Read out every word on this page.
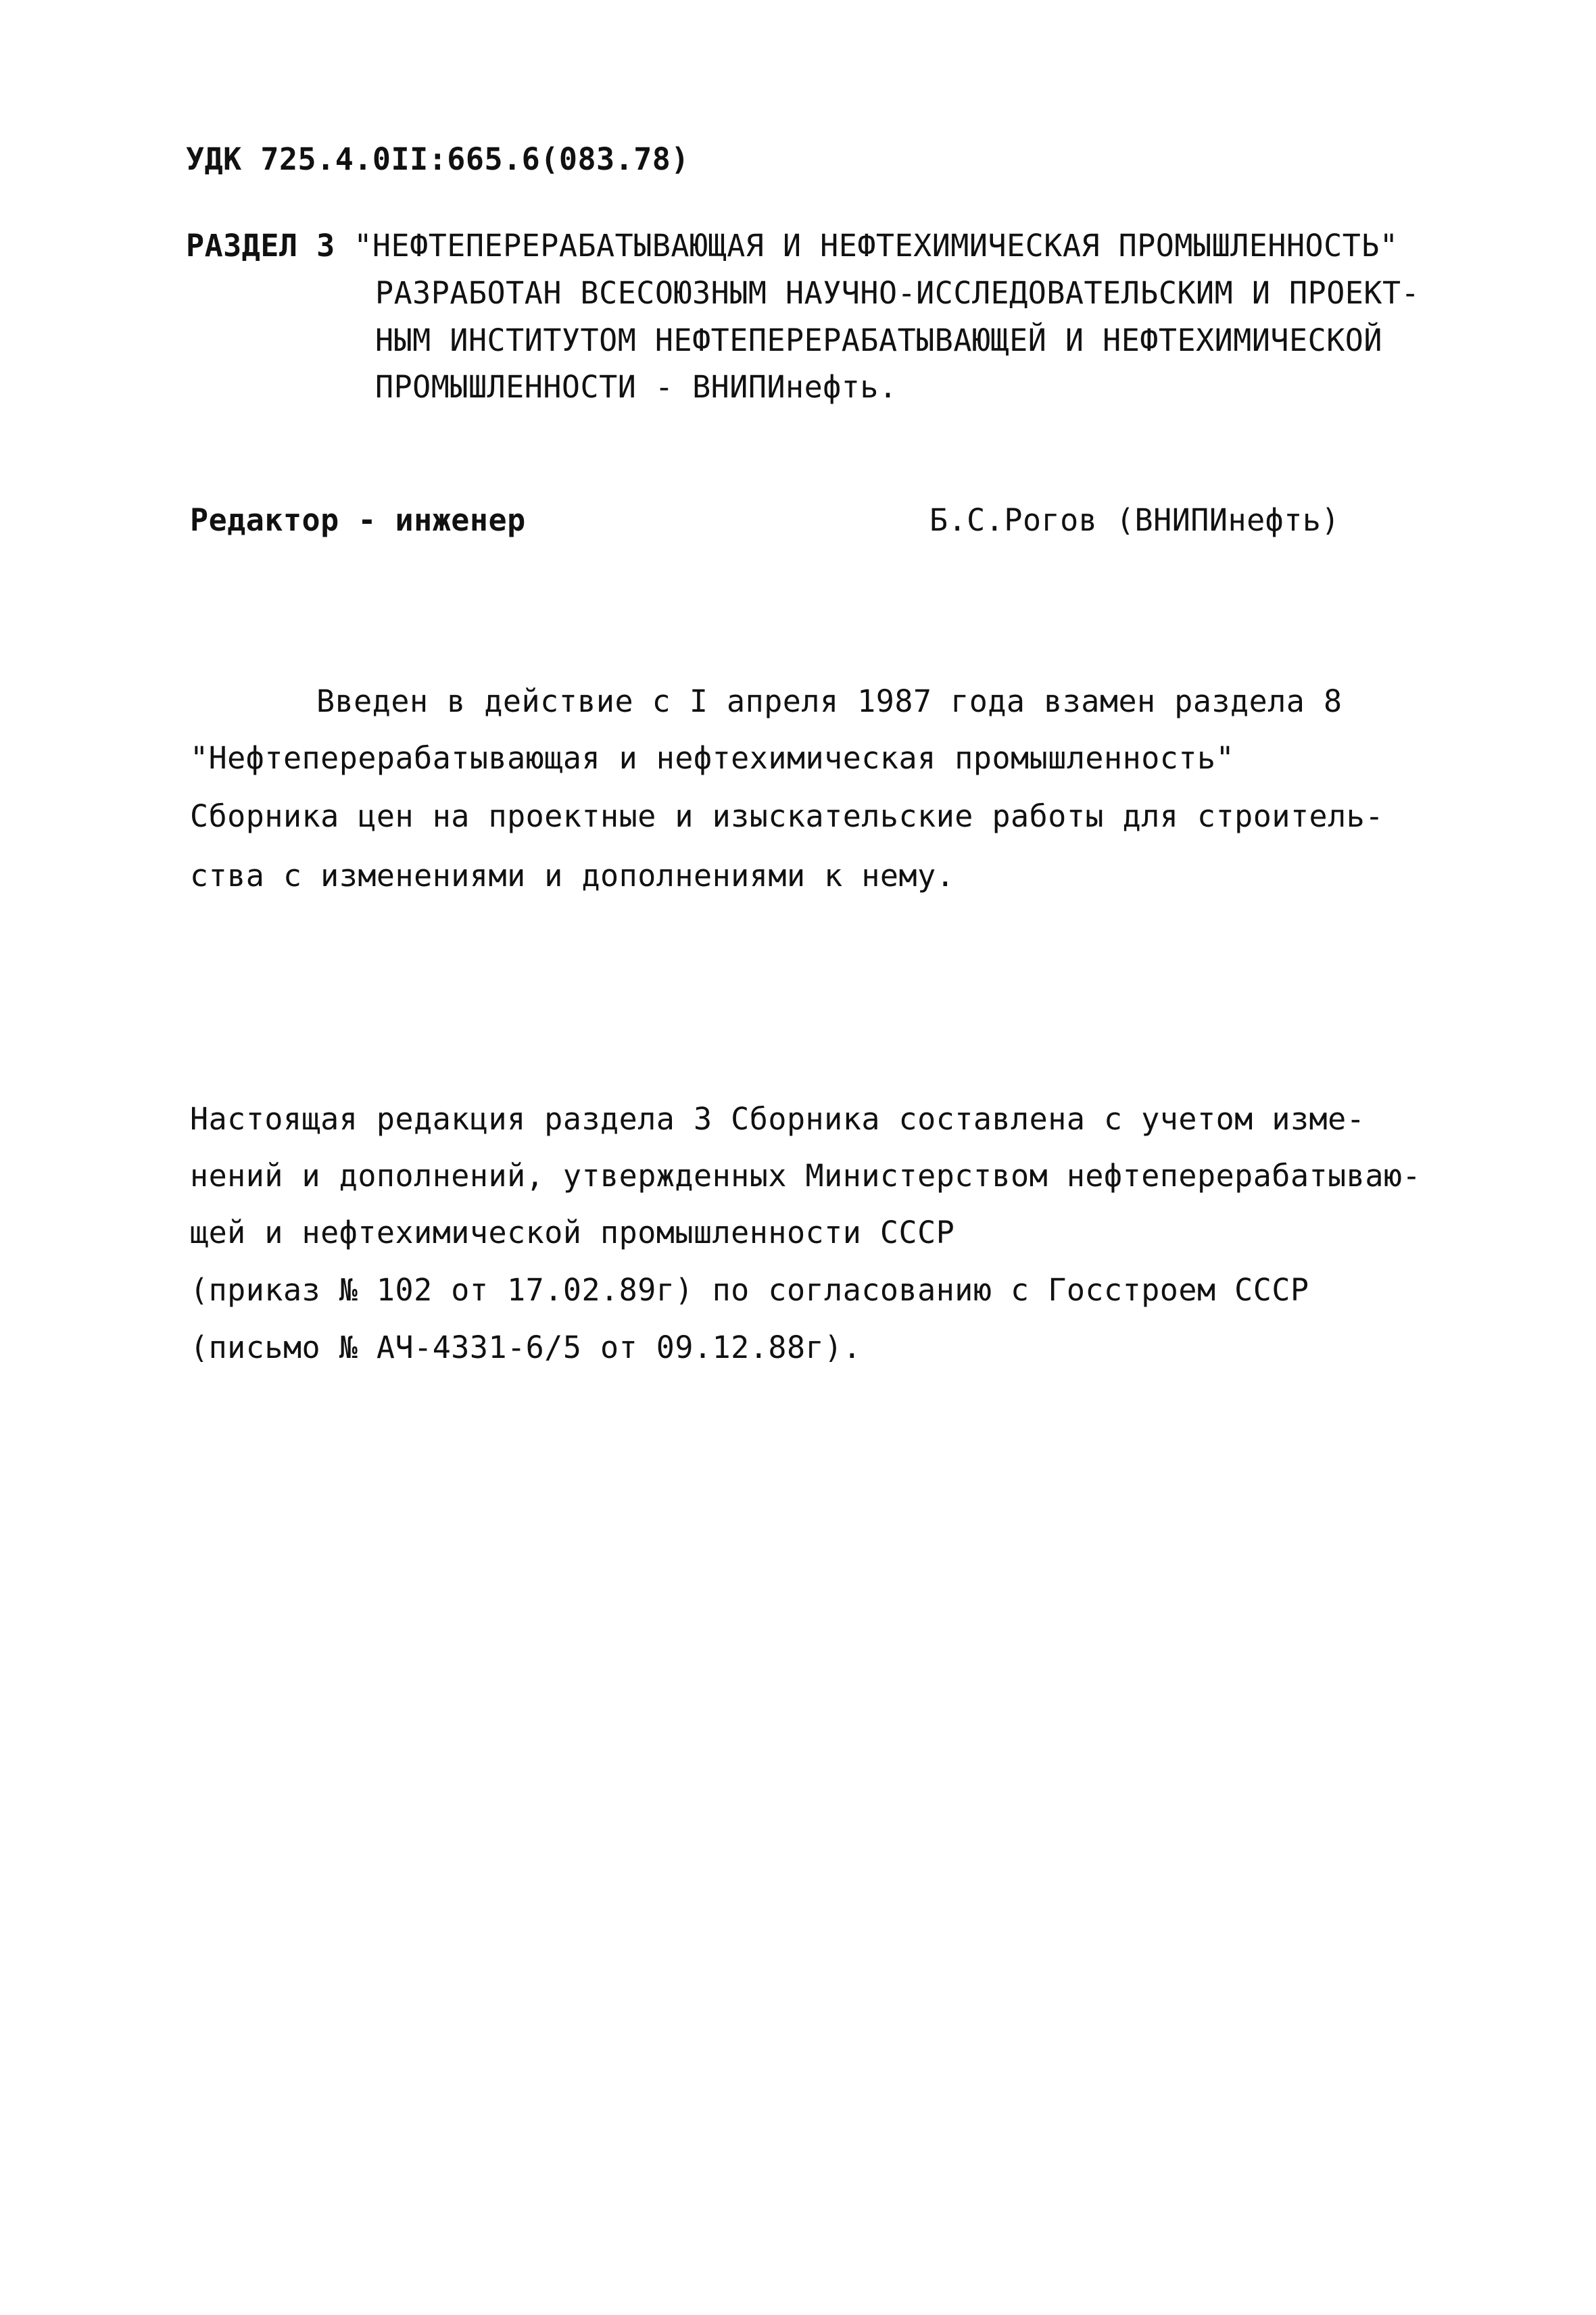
УДК 725.4.0II:665.6(083.78)
РАЗДЕЛ 3 "НЕФТЕПЕРЕРАБАТЫВАЮЩАЯ И НЕФТЕХИМИЧЕСКАЯ ПРОМЫШЛЕННОСТЬ"
РАЗРАБОТАН ВСЕСОЮЗНЫМ НАУЧНО-ИССЛЕДОВАТЕЛЬСКИМ И ПРОЕКТ-
НЫМ ИНСТИТУТОМ НЕФТЕПЕРЕРАБАТЫВАЮЩЕЙ И НЕФТЕХИМИЧЕСКОЙ
ПРОМЫШЛЕННОСТИ - ВНИПИнефть.
Редактор - инженер	Б.С.Рогов (ВНИПИнефть)
Введен в действие с I апреля 1987 года взамен раздела 8
"Нефтеперерабатывающая и нефтехимическая промышленность"
Сборника цен на проектные и изыскательские работы для строитель-
ства с изменениями и дополнениями к нему.
Настоящая редакция раздела 3 Сборника составлена с учетом изме-
нений и дополнений, утвержденных Министерством нефтеперерабатываю-
щей и нефтехимической промышленности СССР
(приказ № 102 от 17.02.89г) по согласованию с Госстроем СССР
(письмо № АЧ-4331-6/5 от 09.12.88г).
